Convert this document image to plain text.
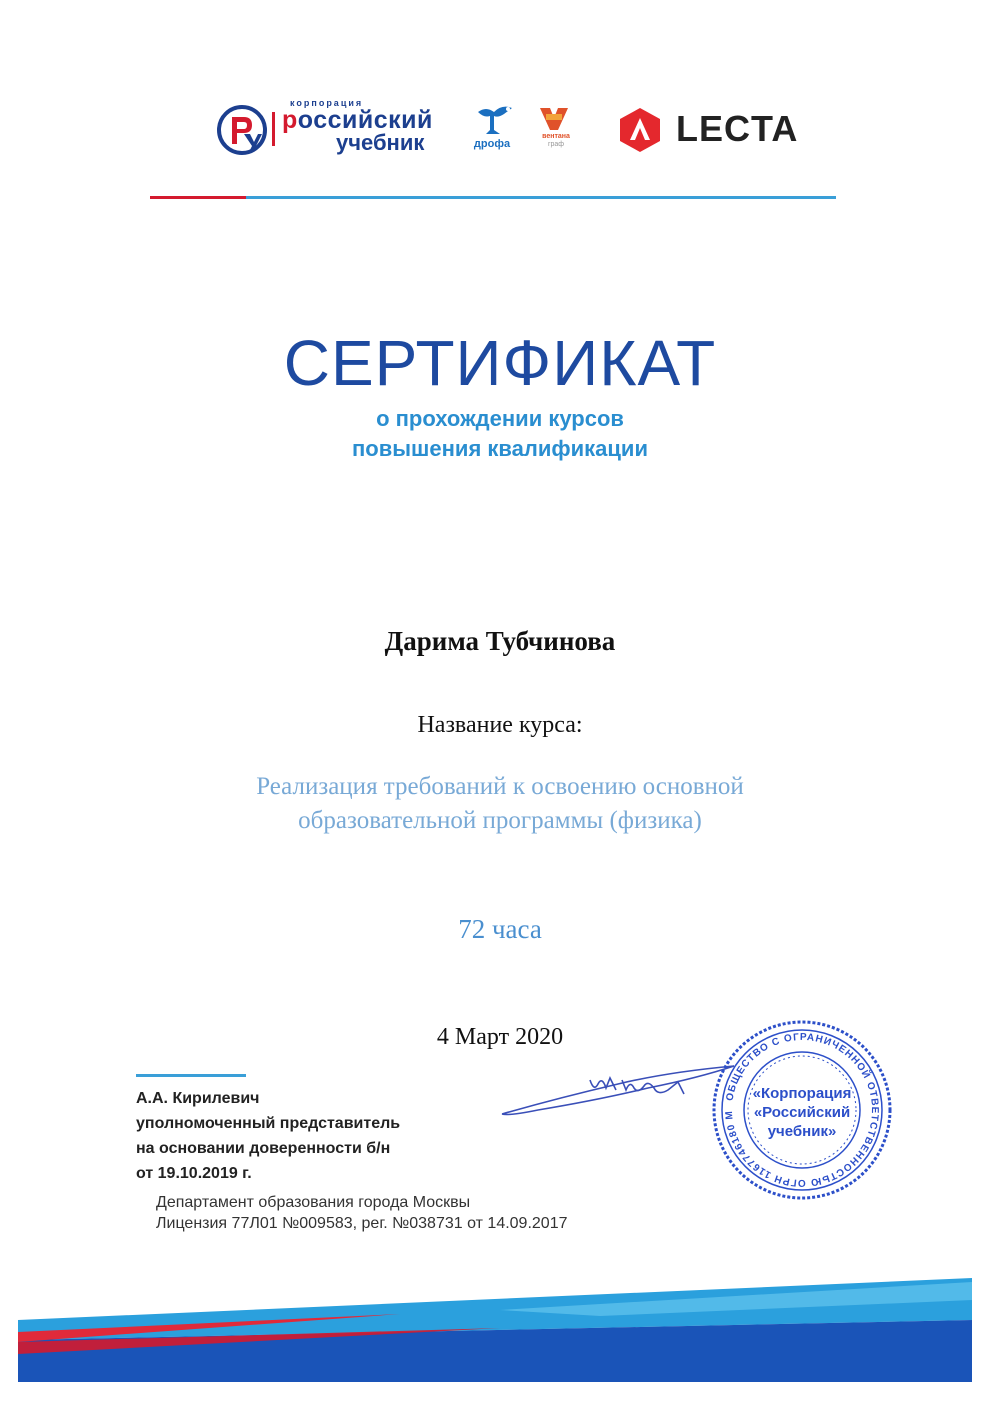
корпорация
российский
учебник	дрофа
вентана
граф	LECTA
СЕРТИФИКАТ
о прохождении курсов
повышения квалификации
Дарима Тубчинова
Название курса:
Реализация требований к освоению основной
образовательной программы (физика)
72 часа
4 Март 2020
А.А. Кирилевич
уполномоченный представитель
на основании доверенности б/н
от 19.10.2019 г.
Департамент образования города Москвы
Лицензия 77Л01 №009583, рег. №038731 от 14.09.2017
ОБЩЕСТВО С ОГРАНИЧЕННОЙ ОТВЕТСТВЕННОСТЬЮ ОГРН 1167746180 М
«Корпорация
«Российский
учебник»
